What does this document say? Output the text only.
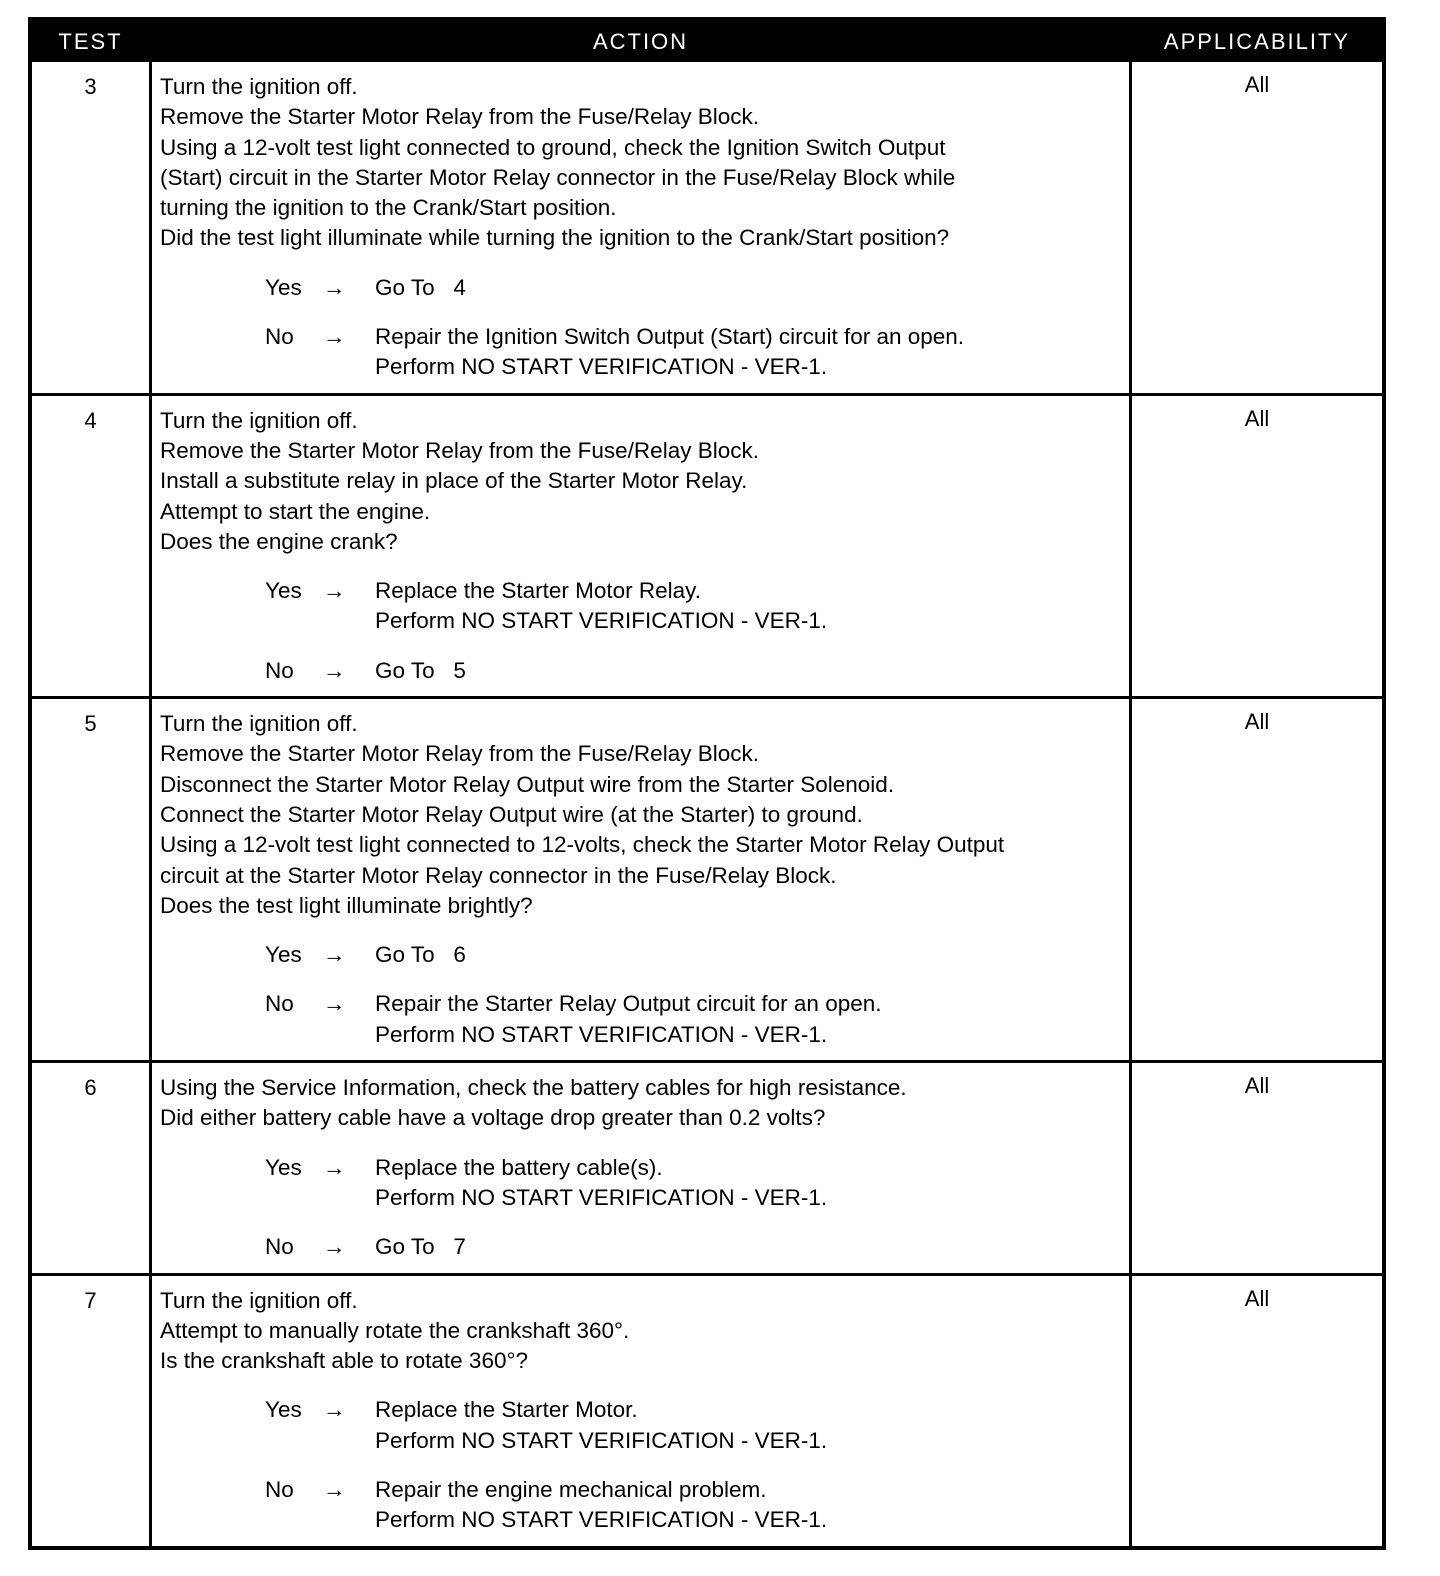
TEST	ACTION	APPLICABILITY
3	Turn the ignition off.
Remove the Starter Motor Relay from the Fuse/Relay Block.
Using a 12-volt test light connected to ground, check the Ignition Switch Output
(Start) circuit in the Starter Motor Relay connector in the Fuse/Relay Block while
turning the ignition to the Crank/Start position.
Did the test light illuminate while turning the ignition to the Crank/Start position?
Yes →	Go To   4
No	→	Repair the Ignition Switch Output (Start) circuit for an open.
Perform NO START VERIFICATION - VER-1.
All
4	Turn the ignition off.
Remove the Starter Motor Relay from the Fuse/Relay Block.
Install a substitute relay in place of the Starter Motor Relay.
Attempt to start the engine.
Does the engine crank?
Yes →	Replace the Starter Motor Relay.
Perform NO START VERIFICATION - VER-1.
No	→	Go To   5
All
5	Turn the ignition off.
Remove the Starter Motor Relay from the Fuse/Relay Block.
Disconnect the Starter Motor Relay Output wire from the Starter Solenoid.
Connect the Starter Motor Relay Output wire (at the Starter) to ground.
Using a 12-volt test light connected to 12-volts, check the Starter Motor Relay Output
circuit at the Starter Motor Relay connector in the Fuse/Relay Block.
Does the test light illuminate brightly?
Yes →	Go To   6
No	→	Repair the Starter Relay Output circuit for an open.
Perform NO START VERIFICATION - VER-1.
All
6	Using the Service Information, check the battery cables for high resistance.
Did either battery cable have a voltage drop greater than 0.2 volts?
Yes →	Replace the battery cable(s).
Perform NO START VERIFICATION - VER-1.
No	→	Go To   7
All
7	Turn the ignition off.
Attempt to manually rotate the crankshaft 360°.
Is the crankshaft able to rotate 360°?
Yes →	Replace the Starter Motor.
Perform NO START VERIFICATION - VER-1.
No	→	Repair the engine mechanical problem.
Perform NO START VERIFICATION - VER-1.
All
